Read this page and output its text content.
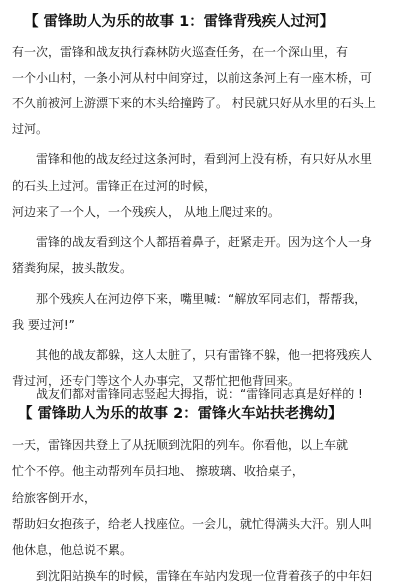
【 雷锋助人为乐的故事 1：雷锋背残疾人过河】

有一次，雷锋和战友执行森林防火巡查任务，在一个深山里，有

一个小山村，一条小河从村中间穿过，以前这条河上有一座木桥，可

不久前被河上游漂下来的木头给撞跨了。 村民就只好从水里的石头上

过河。

雷锋和他的战友经过这条河时，看到河上没有桥，有只好从水里

的石头上过河。雷锋正在过河的时候，

河边来了一个人，一个残疾人， 从地上爬过来的。

雷锋的战友看到这个人都捂着鼻子，赶紧走开。因为这个人一身

猪粪狗屎，披头散发。

那个残疾人在河边停下来，嘴里喊：“解放军同志们，帮帮我，

我 要过河!”

其他的战友都躲，这人太脏了，只有雷锋不躲，他一把将残疾人

背过河，还专门等这个人办事完，又帮忙把他背回来。

战友们都对雷锋同志竖起大拇指，说：“雷锋同志真是好样的 !

【 雷锋助人为乐的故事 2：雷锋火车站扶老携幼】

一天，雷锋因共登上了从抚顺到沈阳的列车。你看他，以上车就

忙个不停。他主动帮列车员扫地、 擦玻璃、收拾桌子，

给旅客倒开水，

帮助妇女抱孩子，给老人找座位。一会儿，就忙得满头大汗。别人叫

他休息，他总说不累。

到沈阳站换车的时候，雷锋在车站内发现一位背着孩子的中年妇
